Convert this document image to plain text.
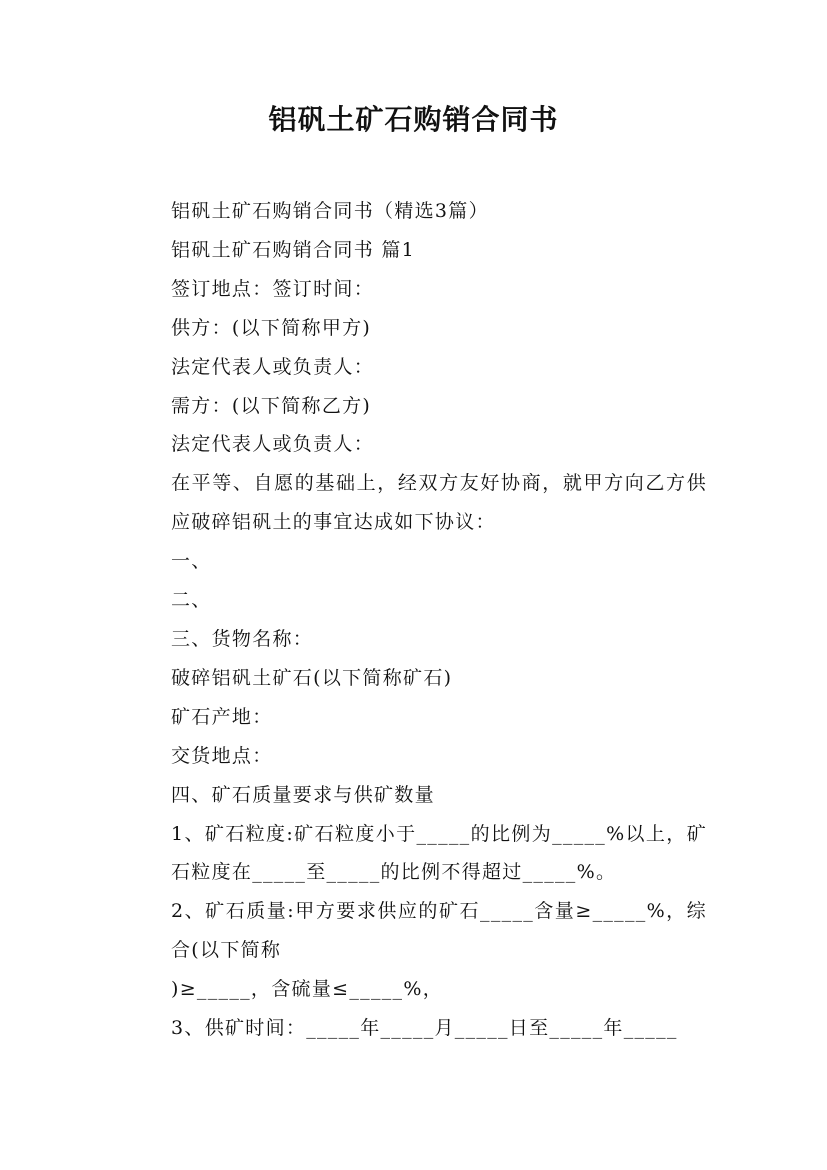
铝矾土矿石购销合同书

铝矾土矿石购销合同书（精选3篇）

铝矾土矿石购销合同书 篇1

签订地点：签订时间：

供方：(以下简称甲方)

法定代表人或负责人：

需方：(以下简称乙方)

法定代表人或负责人：

在平等、自愿的基础上，经双方友好协商，就甲方向乙方供应破碎铝矾土的事宜达成如下协议：

一、

二、

三、货物名称：

破碎铝矾土矿石(以下简称矿石)

矿石产地：

交货地点：

四、矿石质量要求与供矿数量

1、矿石粒度:矿石粒度小于_____的比例为_____%以上，矿石粒度在_____至_____的比例不得超过_____%。

2、矿石质量:甲方要求供应的矿石_____含量≥_____%，综合(以下简称

)≥_____，含硫量≤_____%，

3、供矿时间：_____年_____月_____日至_____年_____
